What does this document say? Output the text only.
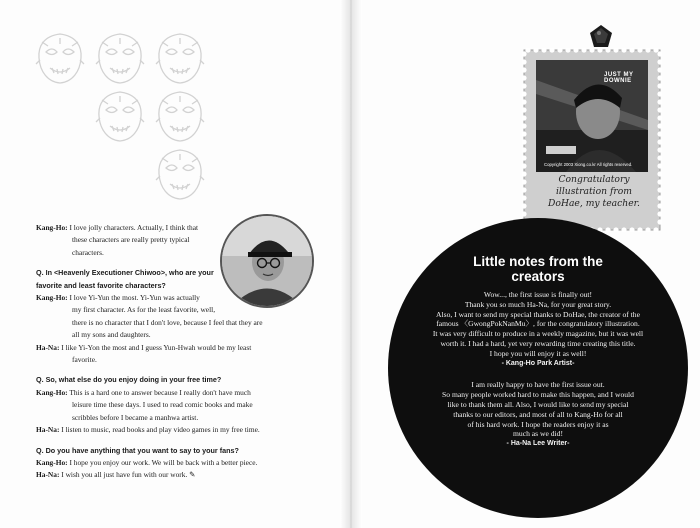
Kang-Ho: I love jolly characters. Actually, I think that
these characters are really pretty typical
characters.
Q. In <Heavenly Executioner Chiwoo>, who are your
favorite and least favorite characters?
Kang-Ho: I love Yi-Yun the most. Yi-Yun was actually
my first character. As for the least favorite, well,
there is no character that I don't love, because I feel that they are
all my sons and daughters.
Ha-Na: I like Yi-Yon the most and I guess Yun-Hwah would be my least
favorite.
Q. So, what else do you enjoy doing in your free time?
Kang-Ho: This is a hard one to answer because I really don't have much
leisure time these days. I used to read comic books and make
scribbles before I became a manhwa artist.
Ha-Na: I listen to music, read books and play video games in my free time.
Q. Do you have anything that you want to say to your fans?
Kang-Ho: I hope you enjoy our work. We will be back with a better piece.
Ha-Na: I wish you all just have fun with our work. ✎
JUST MY DOWNIE
Copyright 2003 Xiong.co.kr All rights reserved.
Congratulatory
illustration from
DoHae, my teacher.
Little notes from the
creators
Wow..., the first issue is finally out!
Thank you so much Ha-Na, for your great story.
Also, I want to send my special thanks to DoHae, the creator of the
famous 〈GwongPokNanMu〉, for the congratulatory illustration.
It was very difficult to produce in a weekly magazine, but it was well
worth it. I had a hard, yet very rewarding time creating this title.
I hope you will enjoy it as well!
- Kang-Ho Park Artist-
I am really happy to have the first issue out.
So many people worked hard to make this happen, and I would
like to thank them all. Also, I would like to send my special
thanks to our editors, and most of all to Kang-Ho for all
of his hard work. I hope the readers enjoy it as
much as we did!
- Ha-Na Lee Writer-
